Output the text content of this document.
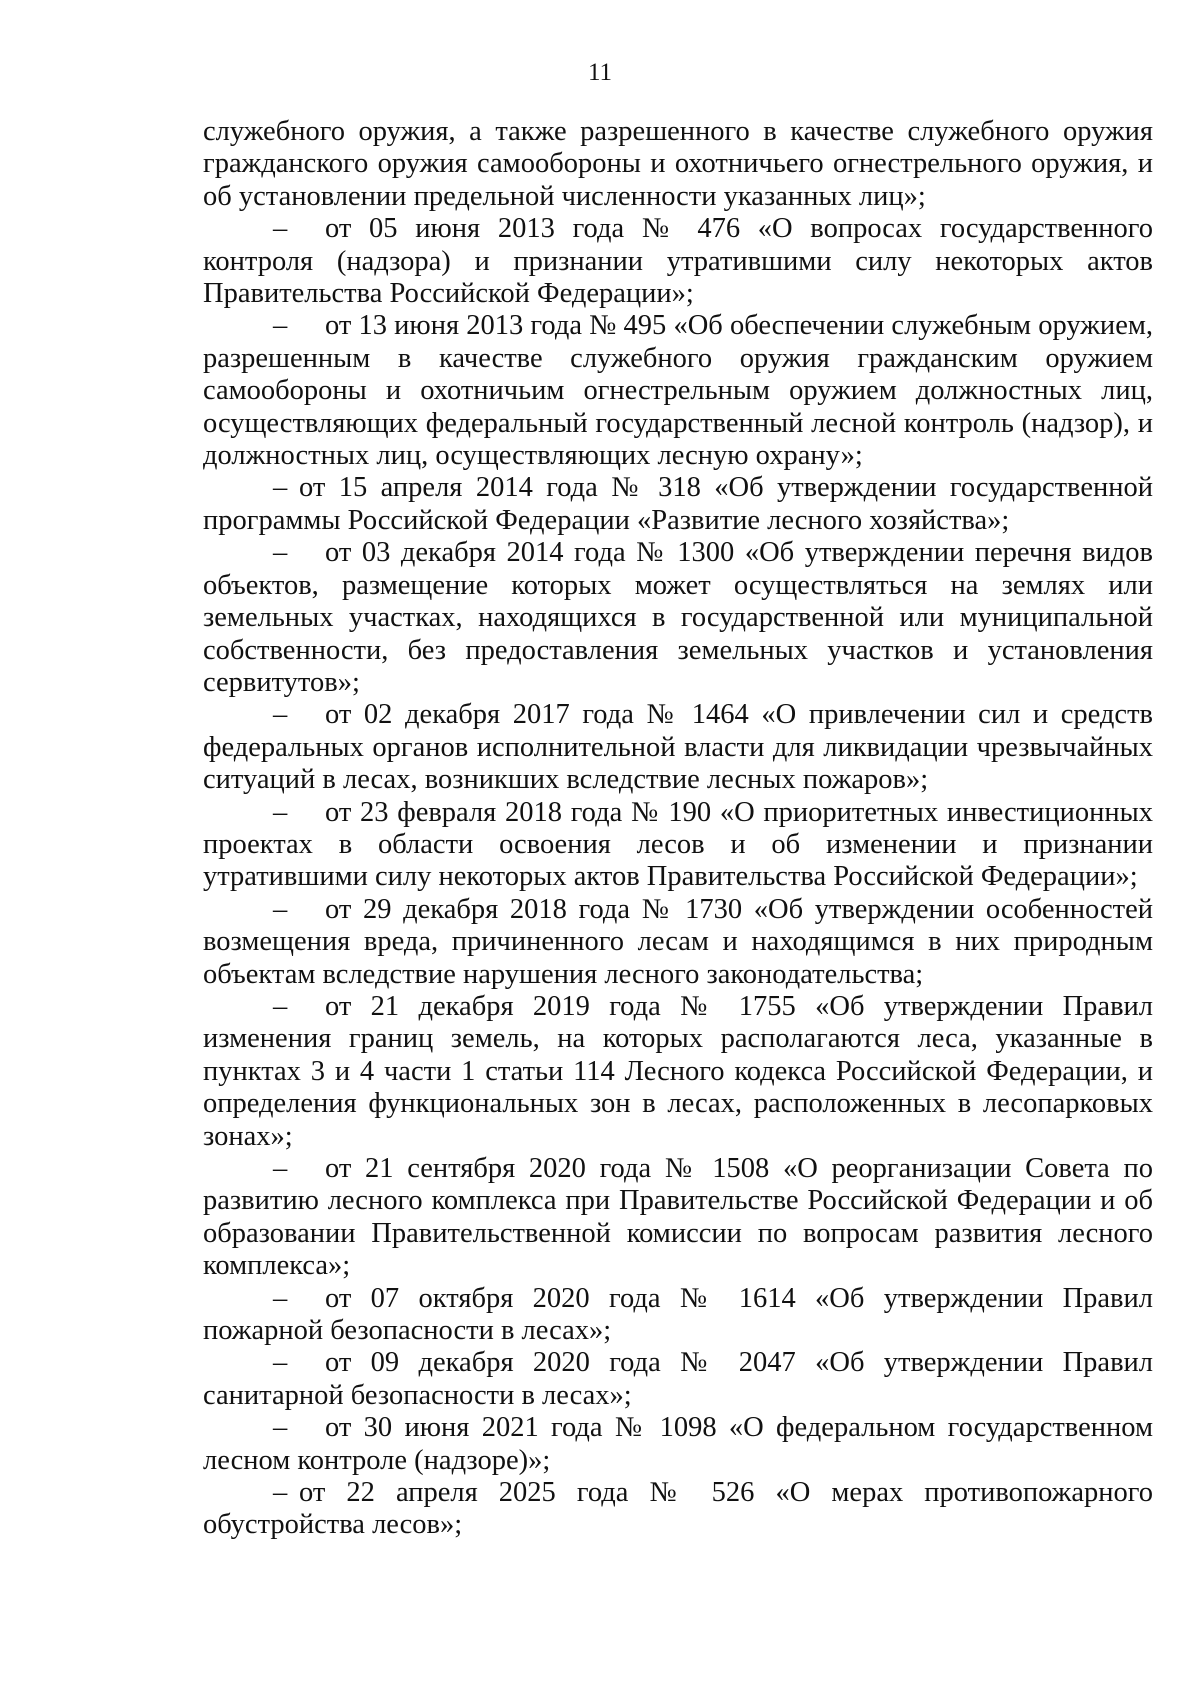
11

служебного оружия, а также разрешенного в качестве служебного оружия гражданского оружия самообороны и охотничьего огнестрельного оружия, и об установлении предельной численности указанных лиц»;

– от 05 июня 2013 года № 476 «О вопросах государственного контроля (надзора) и признании утратившими силу некоторых актов Правительства Российской Федерации»;

– от 13 июня 2013 года № 495 «Об обеспечении служебным оружием, разрешенным в качестве служебного оружия гражданским оружием самообороны и охотничьим огнестрельным оружием должностных лиц, осуществляющих федеральный государственный лесной контроль (надзор), и должностных лиц, осуществляющих лесную охрану»;

– от 15 апреля 2014 года № 318 «Об утверждении государственной программы Российской Федерации «Развитие лесного хозяйства»;

– от 03 декабря 2014 года № 1300 «Об утверждении перечня видов объектов, размещение которых может осуществляться на землях или земельных участках, находящихся в государственной или муниципальной собственности, без предоставления земельных участков и установления сервитутов»;

– от 02 декабря 2017 года № 1464 «О привлечении сил и средств федеральных органов исполнительной власти для ликвидации чрезвычайных ситуаций в лесах, возникших вследствие лесных пожаров»;

– от 23 февраля 2018 года № 190 «О приоритетных инвестиционных проектах в области освоения лесов и об изменении и признании утратившими силу некоторых актов Правительства Российской Федерации»;

– от 29 декабря 2018 года № 1730 «Об утверждении особенностей возмещения вреда, причиненного лесам и находящимся в них природным объектам вследствие нарушения лесного законодательства;

– от 21 декабря 2019 года № 1755 «Об утверждении Правил изменения границ земель, на которых располагаются леса, указанные в пунктах 3 и 4 части 1 статьи 114 Лесного кодекса Российской Федерации, и определения функциональных зон в лесах, расположенных в лесопарковых зонах»;

– от 21 сентября 2020 года № 1508 «О реорганизации Совета по развитию лесного комплекса при Правительстве Российской Федерации и об образовании Правительственной комиссии по вопросам развития лесного комплекса»;

– от 07 октября 2020 года № 1614 «Об утверждении Правил пожарной безопасности в лесах»;

– от 09 декабря 2020 года № 2047 «Об утверждении Правил санитарной безопасности в лесах»;

– от 30 июня 2021 года № 1098 «О федеральном государственном лесном контроле (надзоре)»;

– от 22 апреля 2025 года № 526 «О мерах противопожарного обустройства лесов»;
